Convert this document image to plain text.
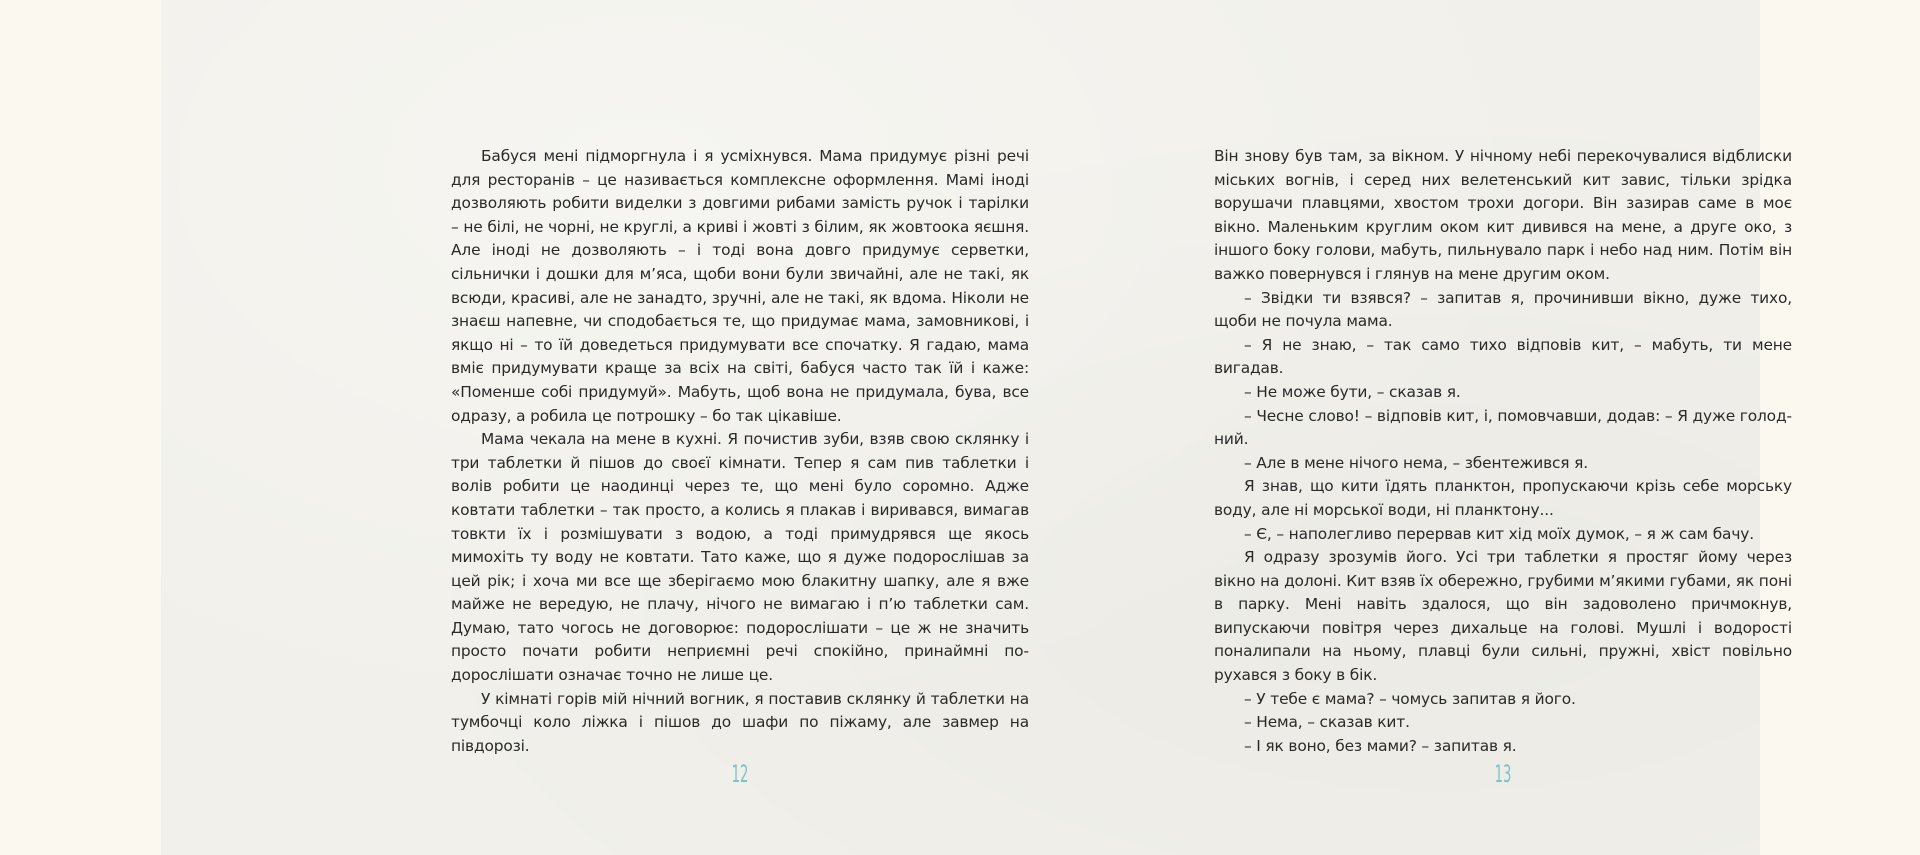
Бабуся мені підморгнула і я усміхнувся. Мама придумує різні речі для ресторанів – це називається комплексне оформлення. Мамі іноді дозволяють робити виделки з довгими рибами замість ручок і тарілки – не білі, не чорні, не круглі, а криві і жовті з білим, як жовтоока яєшня. Але іноді не дозволяють – і тоді вона довго придумує серветки, сільнички і дошки для м’яса, щоби вони були звичайні, але не такі, як всюди, красиві, але не занадто, зручні, але не такі, як вдома. Ніколи не знаєш напевне, чи сподобається те, що придумає мама, замовникові, і якщо ні – то їй доведеться придумувати все спочатку. Я гадаю, мама вміє придумувати краще за всіх на світі, бабуся часто так їй і каже: «Поменше собі придумуй». Мабуть, щоб вона не придумала, бува, все одразу, а робила це потрошку – бо так цікавіше.

Мама чекала на мене в кухні. Я почистив зуби, взяв свою склянку і три таблетки й пішов до своєї кімнати. Тепер я сам пив таблетки і волів робити це наодинці через те, що мені було соромно. Адже ковтати таблетки – так просто, а колись я плакав і виривався, вимагав товкти їх і розмішувати з водою, а тоді примудрявся ще якось мимохіть ту воду не ковтати. Тато каже, що я дуже подорослішав за цей рік; і хоча ми все ще зберігаємо мою блакитну шапку, але я вже майже не вередую, не плачу, нічого не вимагаю і п’ю таблетки сам. Думаю, тато чогось не договорює: подорослішати – це ж не значить просто почати робити неприємні речі спокійно, принаймні подорослішати означає точно не лише це.

У кімнаті горів мій нічний вогник, я поставив склянку й таблетки на тумбочці коло ліжка і пішов до шафи по піжаму, але завмер на півдорозі.

Він знову був там, за вікном. У нічному небі перекочувалися відблиски міських вогнів, і серед них велетенський кит завис, тільки зрідка ворушачи плавцями, хвостом трохи догори. Він зазирав саме в моє вікно. Маленьким круглим оком кит дивився на мене, а друге око, з іншого боку голови, мабуть, пильнувало парк і небо над ним. Потім він важко повернувся і глянув на мене другим оком.

– Звідки ти взявся? – запитав я, прочинивши вікно, дуже тихо, щоби не почула мама.

– Я не знаю, – так само тихо відповів кит, – мабуть, ти мене вигадав.

– Не може бути, – сказав я.

– Чесне слово! – відповів кит, і, помовчавши, додав: – Я дуже голодний.

– Але в мене нічого нема, – збентежився я.

Я знав, що кити їдять планктон, пропускаючи крізь себе морську воду, але ні морської води, ні планктону...

– Є, – наполегливо перервав кит хід моїх думок, – я ж сам бачу.

Я одразу зрозумів його. Усі три таблетки я простяг йому через вікно на долоні. Кит взяв їх обережно, грубими м’якими губами, як поні в парку. Мені навіть здалося, що він задоволено причмокнув, випускаючи повітря через дихальце на голові. Мушлі і водорості поналипали на ньому, плавці були сильні, пружні, хвіст повільно рухався з боку в бік.

– У тебе є мама? – чомусь запитав я його.

– Нема, – сказав кит.

– І як воно, без мами? – запитав я.

12	13
